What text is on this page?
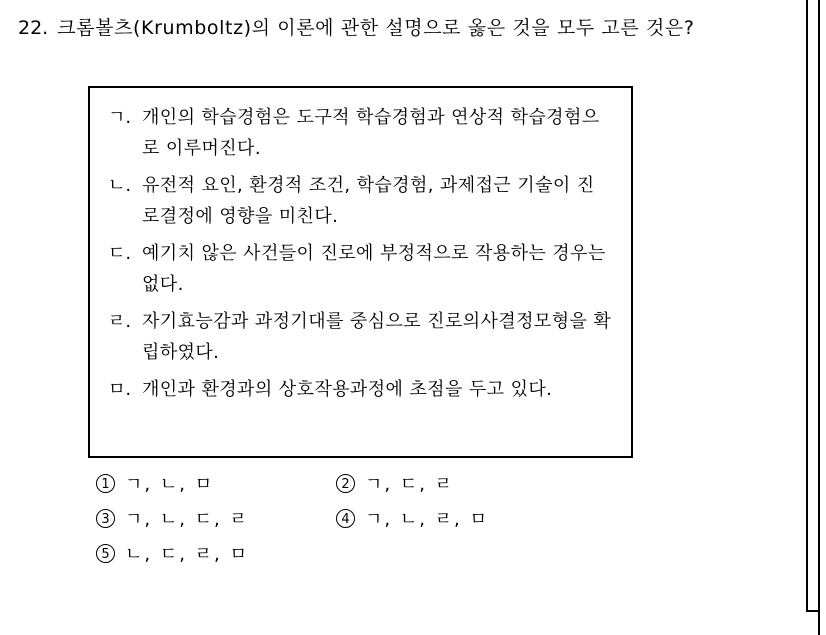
22. 크롬볼츠(Krumboltz)의 이론에 관한 설명으로 옳은 것을 모두 고른 것은?
ㄱ. 개인의 학습경험은 도구적 학습경험과 연상적 학습경험으로 이루머진다.
ㄴ. 유전적 요인, 환경적 조건, 학습경험, 과제접근 기술이 진로결정에 영향을 미친다.
ㄷ. 예기치 않은 사건들이 진로에 부정적으로 작용하는 경우는 없다.
ㄹ. 자기효능감과 과정기대를 중심으로 진로의사결정모형을 확립하였다.
ㅁ. 개인과 환경과의 상호작용과정에 초점을 두고 있다.
1 ㄱ, ㄴ, ㅁ	2 ㄱ, ㄷ, ㄹ
3 ㄱ, ㄴ, ㄷ, ㄹ	4 ㄱ, ㄴ, ㄹ, ㅁ
5 ㄴ, ㄷ, ㄹ, ㅁ
